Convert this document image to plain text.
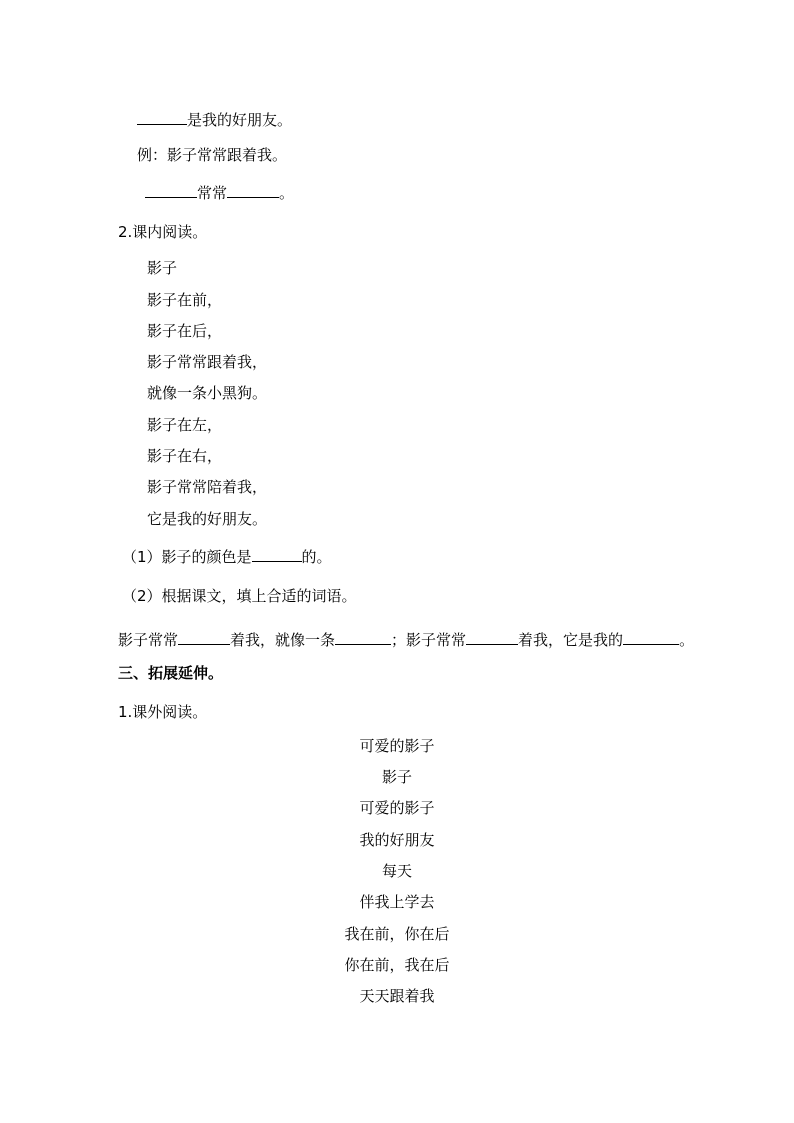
是我的好朋友。
例：影子常常跟着我。
常常	。
2.课内阅读。
影子
影子在前，
影子在后，
影子常常跟着我，
就像一条小黑狗。
影子在左，
影子在右，
影子常常陪着我，
它是我的好朋友。
（1）影子的颜色是	的。
（2）根据课文，填上合适的词语。
影子常常	着我，就像一条	；影子常常	着我，它是我的	。
三、拓展延伸。
1.课外阅读。
可爱的影子
影子
可爱的影子
我的好朋友
每天
伴我上学去
我在前，你在后
你在前，我在后
天天跟着我
